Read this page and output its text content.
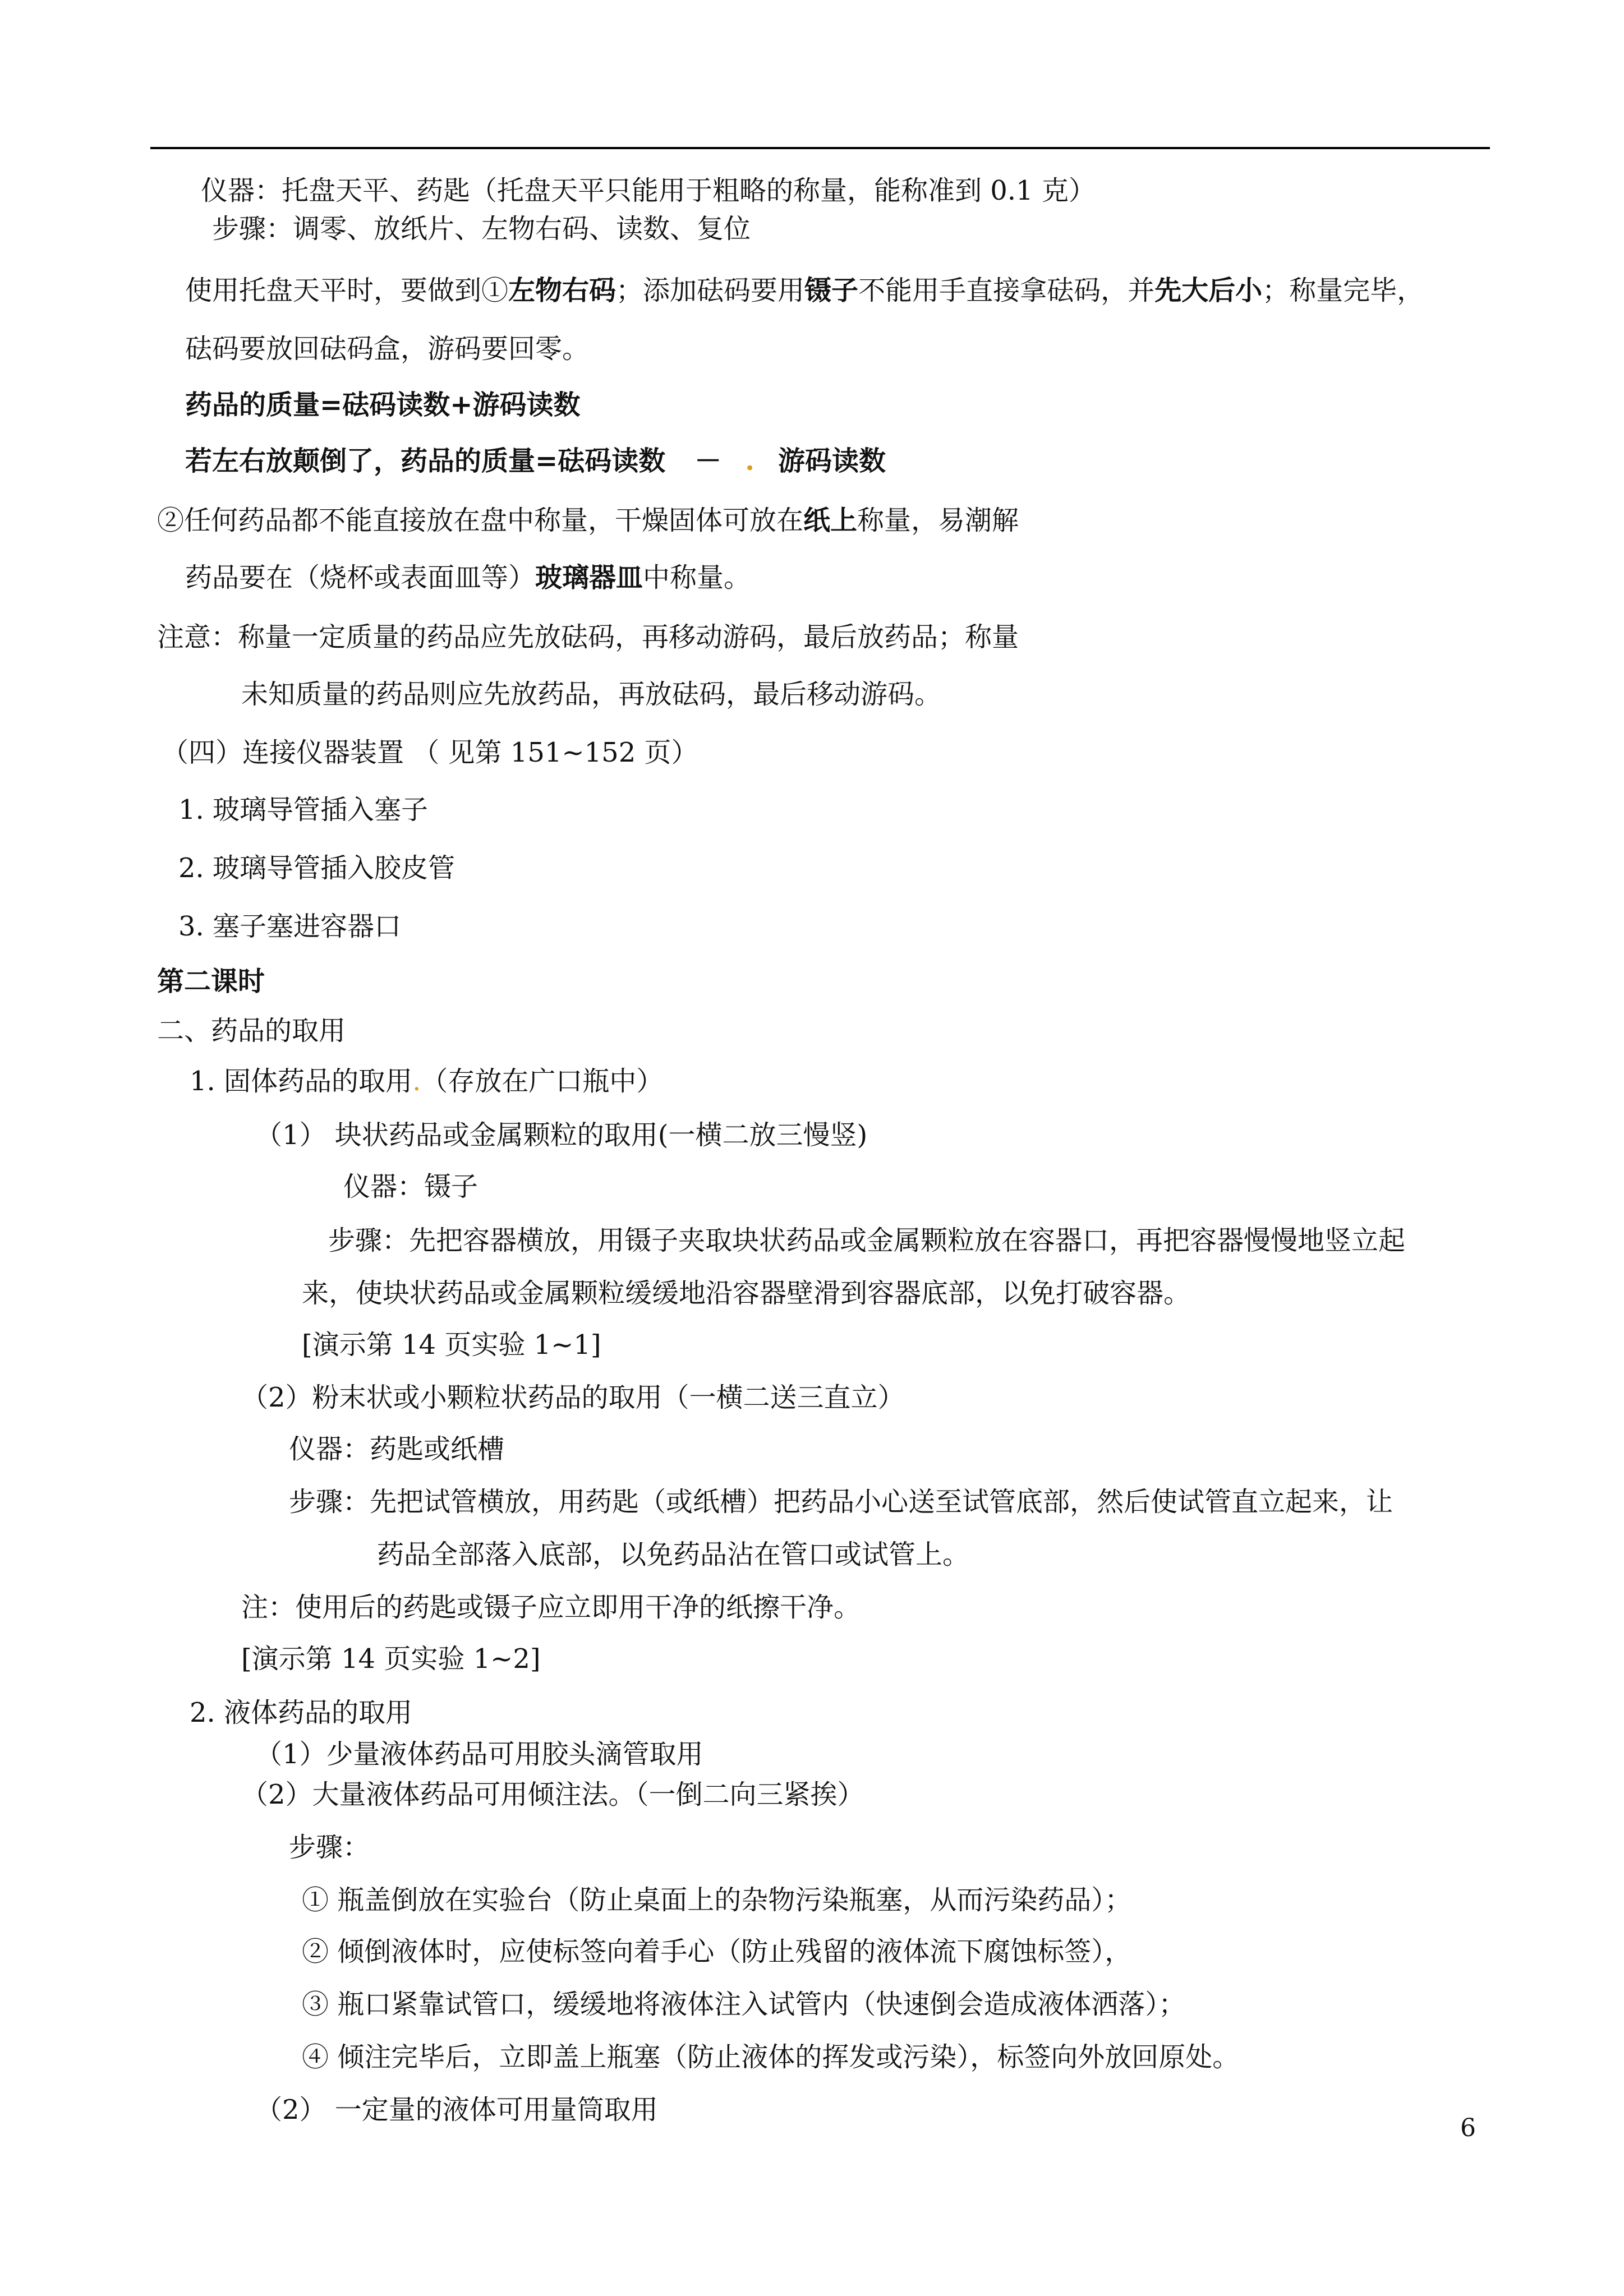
仪器：托盘天平、药匙（托盘天平只能用于粗略的称量，能称准到 0.1 克）
步骤：调零、放纸片、左物右码、读数、复位
使用托盘天平时，要做到①左物右码；添加砝码要用镊子不能用手直接拿砝码，并先大后小；称量完毕，
砝码要放回砝码盒，游码要回零。
药品的质量=砝码读数+游码读数
若左右放颠倒了，药品的质量=砝码读数 － . 游码读数
②任何药品都不能直接放在盘中称量，干燥固体可放在纸上称量，易潮解
药品要在（烧杯或表面皿等）玻璃器皿中称量。
注意：称量一定质量的药品应先放砝码，再移动游码，最后放药品；称量
未知质量的药品则应先放药品，再放砝码，最后移动游码。
（四）连接仪器装置 （ 见第 151~152 页）
1. 玻璃导管插入塞子
2. 玻璃导管插入胶皮管
3. 塞子塞进容器口
第二课时
二、药品的取用
1. 固体药品的取用.（存放在广口瓶中）
（1） 块状药品或金属颗粒的取用(一横二放三慢竖)
仪器：镊子
步骤：先把容器横放，用镊子夹取块状药品或金属颗粒放在容器口，再把容器慢慢地竖立起
来，使块状药品或金属颗粒缓缓地沿容器壁滑到容器底部，以免打破容器。
[演示第 14 页实验 1~1]
（2）粉末状或小颗粒状药品的取用（一横二送三直立）
仪器：药匙或纸槽
步骤：先把试管横放，用药匙（或纸槽）把药品小心送至试管底部，然后使试管直立起来，让
药品全部落入底部，以免药品沾在管口或试管上。
注：使用后的药匙或镊子应立即用干净的纸擦干净。
[演示第 14 页实验 1~2]
2. 液体药品的取用
（1）少量液体药品可用胶头滴管取用
（2）大量液体药品可用倾注法。（一倒二向三紧挨）
步骤：
① 瓶盖倒放在实验台（防止桌面上的杂物污染瓶塞，从而污染药品）；
② 倾倒液体时，应使标签向着手心（防止残留的液体流下腐蚀标签），
③ 瓶口紧靠试管口，缓缓地将液体注入试管内（快速倒会造成液体洒落）；
④ 倾注完毕后，立即盖上瓶塞（防止液体的挥发或污染），标签向外放回原处。
（2） 一定量的液体可用量筒取用
6
